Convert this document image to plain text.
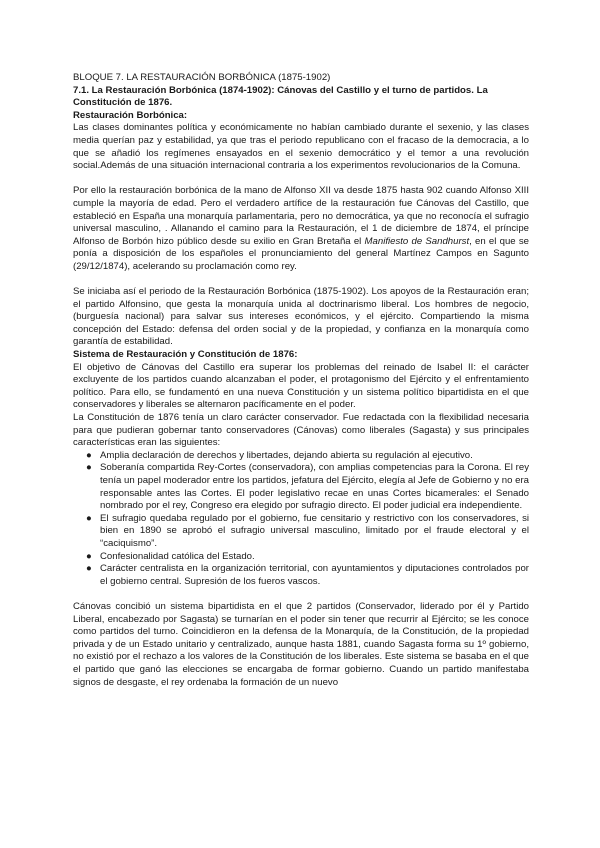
BLOQUE 7. LA RESTAURACIÓN BORBÓNICA (1875-1902)

7.1. La Restauración Borbónica (1874-1902): Cánovas del Castillo y el turno de partidos. La Constitución de 1876.

Restauración Borbónica:

Las clases dominantes política y económicamente no habían cambiado durante el sexenio, y las clases media querían paz y estabilidad, ya que tras el periodo republicano con el fracaso de la democracia, a lo que se añadió los regímenes ensayados en el sexenio democrático y el temor a una revolución social.Además de una situación internacional contraria a los experimentos revolucionarios de la Comuna.

Por ello la restauración borbónica de la mano de Alfonso XII va desde 1875 hasta 902 cuando Alfonso XIII cumple la mayoría de edad. Pero el verdadero artífice de la restauración fue Cánovas del Castillo, que estableció en España una monarquía parlamentaria, pero no democrática, ya que no reconocía el sufragio universal masculino, . Allanando el camino para la Restauración, el 1 de diciembre de 1874, el príncipe Alfonso de Borbón hizo público desde su exilio en Gran Bretaña el Manifiesto de Sandhurst, en el que se ponía a disposición de los españoles el pronunciamiento del general Martínez Campos en Sagunto (29/12/1874), acelerando su proclamación como rey.

Se iniciaba así el periodo de la Restauración Borbónica (1875-1902). Los apoyos de la Restauración eran; el partido Alfonsino, que gesta la monarquía unida al doctrinarismo liberal. Los hombres de negocio, (burguesía nacional) para salvar sus intereses económicos, y el ejército. Compartiendo la misma concepción del Estado: defensa del orden social y de la propiedad, y confianza en la monarquía como garantía de estabilidad.

Sistema de Restauración y Constitución de 1876:

El objetivo de Cánovas del Castillo era superar los problemas del reinado de Isabel II: el carácter excluyente de los partidos cuando alcanzaban el poder, el protagonismo del Ejército y el enfrentamiento político. Para ello, se fundamentó en una nueva Constitución y un sistema político bipartidista en el que conservadores y liberales se alternaron pacíficamente en el poder.

La Constitución de 1876 tenía un claro carácter conservador. Fue redactada con la flexibilidad necesaria para que pudieran gobernar tanto conservadores (Cánovas) como liberales (Sagasta) y sus principales características eran las siguientes:

● Amplia declaración de derechos y libertades, dejando abierta su regulación al ejecutivo.
● Soberanía compartida Rey-Cortes (conservadora), con amplias competencias para la Corona. El rey tenía un papel moderador entre los partidos, jefatura del Ejército, elegía al Jefe de Gobierno y no era responsable antes las Cortes. El poder legislativo recae en unas Cortes bicamerales: el Senado nombrado por el rey, Congreso era elegido por sufragio directo. El poder judicial era independiente.
● El sufragio quedaba regulado por el gobierno, fue censitario y restrictivo con los conservadores, si bien en 1890 se aprobó el sufragio universal masculino, limitado por el fraude electoral y el “caciquismo”.
● Confesionalidad católica del Estado.
● Carácter centralista en la organización territorial, con ayuntamientos y diputaciones controlados por el gobierno central. Supresión de los fueros vascos.

Cánovas concibió un sistema bipartidista en el que 2 partidos (Conservador, liderado por él y Partido Liberal, encabezado por Sagasta) se turnarían en el poder sin tener que recurrir al Ejército; se les conoce como partidos del turno. Coincidieron en la defensa de la Monarquía, de la Constitución, de la propiedad privada y de un Estado unitario y centralizado, aunque hasta 1881, cuando Sagasta forma su 1º gobierno, no existió por el rechazo a los valores de la Constitución de los liberales. Este sistema se basaba en el que el partido que ganó las elecciones se encargaba de formar gobierno. Cuando un partido manifestaba signos de desgaste, el rey ordenaba la formación de un nuevo
